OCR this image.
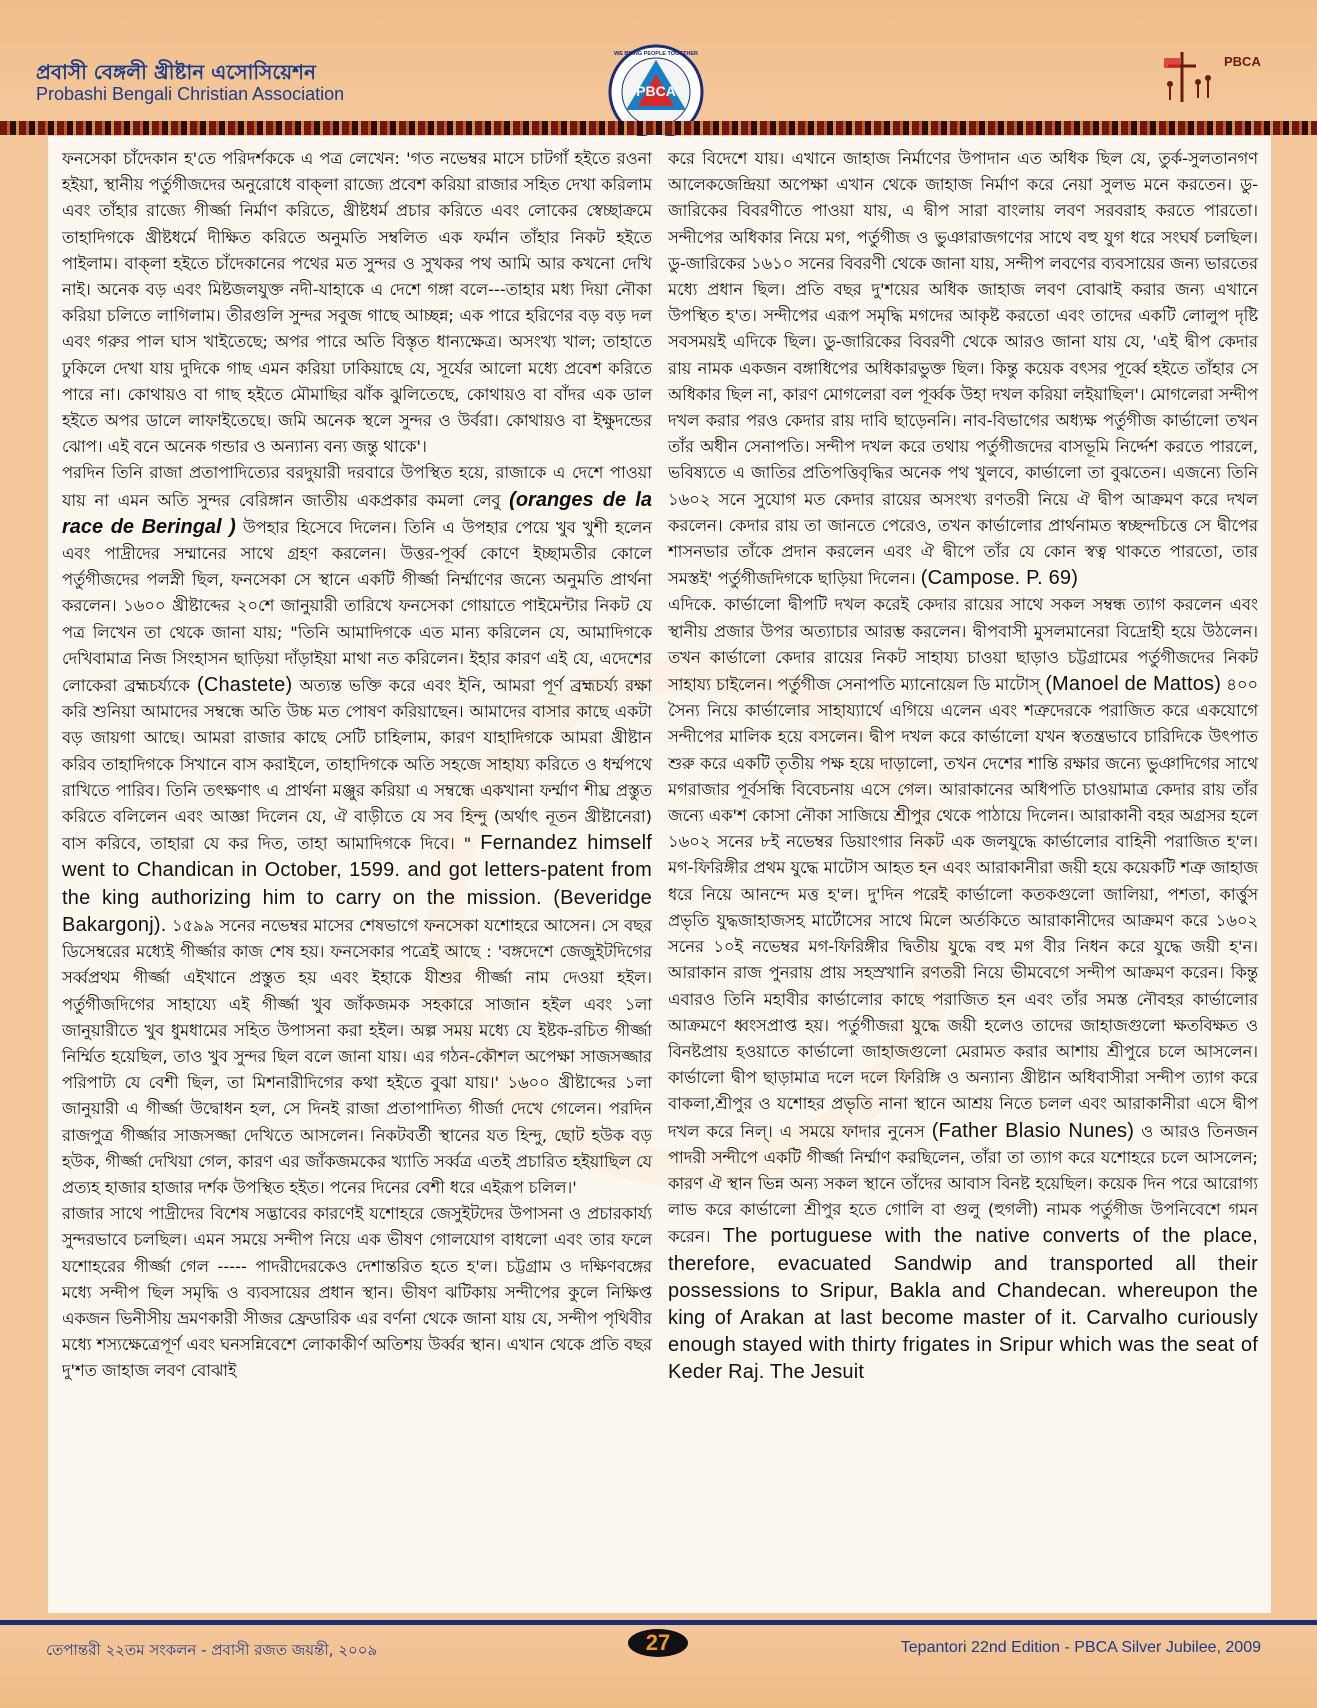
প্রবাসী বেঙ্গলী খ্রীষ্টান এসোসিয়েশন
Probashi Bengali Christian Association	PBCA
WE BRING PEOPLE TOGETHER	PBCA

ফনসেকা চাঁদেকান হ'তে পরিদর্শককে এ পত্র লেখেন: 'গত নভেম্বর মাসে চাটগাঁ হইতে রওনা হইয়া, স্থানীয় পর্তুগীজদের অনুরোধে বাক্‌লা রাজ্যে প্রবেশ করিয়া রাজার সহিত দেখা করিলাম এবং তাঁহার রাজ্যে গীর্জ্জা নির্মাণ করিতে, খ্রীষ্টধর্ম প্রচার করিতে এবং লোকের স্বেচ্ছাক্রমে তাহাদিগকে খ্রীষ্টধর্মে দীক্ষিত করিতে অনুমতি সম্বলিত এক ফর্মান তাঁহার নিকট হইতে পাইলাম। বাক্‌লা হইতে চাঁদেকানের পথের মত সুন্দর ও সুখকর পথ আমি আর কখনো দেখি নাই। অনেক বড় এবং মিষ্টজলযুক্ত নদী-যাহাকে এ দেশে গঙ্গা বলে---তাহার মধ্য দিয়া নৌকা করিয়া চলিতে লাগিলাম। তীরগুলি সুন্দর সবুজ গাছে আচ্ছন্ন; এক পারে হরিণের বড় বড় দল এবং গরুর পাল ঘাস খাইতেছে; অপর পারে অতি বিস্তৃত ধান্যক্ষেত্র। অসংখ্য খাল; তাহাতে ঢুকিলে দেখা যায় দুদিকে গাছ এমন করিয়া ঢাকিয়াছে যে, সূর্যের আলো মধ্যে প্রবেশ করিতে পারে না। কোথায়ও বা গাছ হইতে মৌমাছির ঝাঁক ঝুলিতেছে, কোথায়ও বা বাঁদর এক ডাল হইতে অপর ডালে লাফাইতেছে। জমি অনেক স্থলে সুন্দর ও উর্বরা। কোথায়ও বা ইক্ষুদন্ডের ঝোপ। এই বনে অনেক গন্ডার ও অন্যান্য বন্য জন্তু থাকে'।

পরদিন তিনি রাজা প্রতাপাদিত্যের বরদুয়ারী দরবারে উপস্থিত হয়ে, রাজাকে এ দেশে পাওয়া যায় না এমন অতি সুন্দর বেরিঙ্গান জাতীয় একপ্রকার কমলা লেবু (oranges de la race de Beringal ) উপহার হিসেবে দিলেন। তিনি এ উপহার পেয়ে খুব খুশী হলেন এবং পাদ্রীদের সম্মানের সাথে গ্রহণ করলেন। উত্তর-পূর্ব্ব কোণে ইচ্ছামতীর কোলে পর্তুগীজদের পলস্নী ছিল, ফনসেকা সে স্থানে একটি গীর্জ্জা নির্ম্মাণের জন্যে অনুমতি প্রার্থনা করলেন। ১৬০০ খ্রীষ্টাব্দের ২০শে জানুয়ারী তারিখে ফনসেকা গোয়াতে পাইমেন্টার নিকট যে পত্র লিখেন তা থেকে জানা যায়; "তিনি আমাদিগকে এত মান্য করিলেন যে, আমাদিগকে দেখিবামাত্র নিজ সিংহাসন ছাড়িয়া দাঁড়াইয়া মাথা নত করিলেন। ইহার কারণ এই যে, এদেশের লোকেরা ব্রহ্মচর্য্যকে (Chastete) অত্যন্ত ভক্তি করে এবং ইনি, আমরা পূর্ণ ব্রহ্মচর্য্য রক্ষা করি শুনিয়া আমাদের সম্বন্ধে অতি উচ্চ মত পোষণ করিয়াছেন। আমাদের বাসার কাছে একটা বড় জায়গা আছে। আমরা রাজার কাছে সেটি চাহিলাম, কারণ যাহাদিগকে আমরা খ্রীষ্টান করিব তাহাদিগকে সিখানে বাস করাইলে, তাহাদিগকে অতি সহজে সাহায্য করিতে ও ধর্ম্মপথে রাখিতে পারিব। তিনি তৎক্ষণাৎ এ প্রার্থনা মঞ্জুর করিয়া এ সম্বন্ধে একখানা ফর্ম্মাণ শীঘ্র প্রস্তুত করিতে বলিলেন এবং আজ্ঞা দিলেন যে, ঐ বাড়ীতে যে সব হিন্দু (অর্থাৎ নূতন খ্রীষ্টানেরা) বাস করিবে, তাহারা যে কর দিত, তাহা আমাদিগকে দিবে। " Fernandez himself went to Chandican in October, 1599. and got letters-patent from the king authorizing him to carry on the mission. (Beveridge Bakargonj). ১৫৯৯ সনের নভেম্বর মাসের শেষভাগে ফনসেকা যশোহরে আসেন। সে বছর ডিসেম্বরের মধ্যেই গীর্জ্জার কাজ শেষ হয়। ফনসেকার পত্রেই আছে : 'বঙ্গদেশে জেজুইটদিগের সর্ব্বপ্রথম গীর্জ্জা এইখানে প্রস্তুত হয় এবং ইহাকে যীশুর গীর্জ্জা নাম দেওয়া হইল। পর্তুগীজদিগের সাহায্যে এই গীর্জ্জা খুব জাঁকজমক সহকারে সাজান হইল এবং ১লা জানুয়ারীতে খুব ধুমধামের সহিত উপাসনা করা হইল। অল্প সময় মধ্যে যে ইষ্টক-রচিত গীর্জ্জা নির্ম্মিত হয়েছিল, তাও খুব সুন্দর ছিল বলে জানা যায়। এর গঠন-কৌশল অপেক্ষা সাজসজ্জার পরিপাট্য যে বেশী ছিল, তা মিশনারীদিগের কথা হইতে বুঝা যায়।' ১৬০০ খ্রীষ্টাব্দের ১লা জানুয়ারী এ গীর্জ্জা উদ্বোধন হল, সে দিনই রাজা প্রতাপাদিত্য গীর্জা দেখে গেলেন। পরদিন রাজপুত্র গীর্জ্জার সাজসজ্জা দেখিতে আসলেন। নিকটবর্তী স্থানের যত হিন্দু, ছোট হউক বড় হউক, গীর্জ্জা দেখিয়া গেল, কারণ এর জাঁকজমকের খ্যাতি সর্ব্বত্র এতই প্রচারিত হইয়াছিল যে প্রত্যহ হাজার হাজার দর্শক উপস্থিত হইত। পনের দিনের বেশী ধরে এইরূপ চলিল।'

রাজার সাথে পাদ্রীদের বিশেষ সদ্ভাবের কারণেই যশোহরে জেসুইটদের উপাসনা ও প্রচারকার্য্য সুন্দরভাবে চলছিল। এমন সময়ে সন্দীপ নিয়ে এক ভীষণ গোলযোগ বাধলো এবং তার ফলে যশোহরের গীর্জ্জা গেল ----- পাদরীদেরকেও দেশান্তরিত হতে হ'ল। চট্টগ্রাম ও দক্ষিণবঙ্গের মধ্যে সন্দীপ ছিল সমৃদ্ধি ও ব্যবসায়ের প্রধান স্থান। ভীষণ ঝটিকায় সন্দীপের কুলে নিক্ষিপ্ত একজন ভিনীসীয় ভ্রমণকারী সীজর ফ্রেডারিক এর বর্ণনা থেকে জানা যায় যে, সন্দীপ পৃথিবীর মধ্যে শস্যক্ষেত্রেপূর্ণ এবং ঘনসন্নিবেশে লোকাকীর্ণ অতিশয় উর্ব্বর স্থান। এখান থেকে প্রতি বছর দু'শত জাহাজ লবণ বোঝাই

করে বিদেশে যায়। এখানে জাহাজ নির্মাণের উপাদান এত অধিক ছিল যে, তুর্ক-সুলতানগণ আলেকজেন্দ্রিয়া অপেক্ষা এখান থেকে জাহাজ নির্মাণ করে নেয়া সুলভ মনে করতেন। ডু- জারিকের বিবরণীতে পাওয়া যায়, এ দ্বীপ সারা বাংলায় লবণ সরবরাহ করতে পারতো। সন্দীপের অধিকার নিয়ে মগ, পর্তুগীজ ও ভুঞারাজগণের সাথে বহু যুগ ধরে সংঘর্ষ চলছিল। ডু-জারিকের ১৬১০ সনের বিবরণী থেকে জানা যায়, সন্দীপ লবণের ব্যবসায়ের জন্য ভারতের মধ্যে প্রধান ছিল। প্রতি বছর দু'শয়ের অধিক জাহাজ লবণ বোঝাই করার জন্য এখানে উপস্থিত হ'ত। সন্দীপের এরূপ সমৃদ্ধি মগদের আকৃষ্ট করতো এবং তাদের একটি লোলুপ দৃষ্টি সবসময়ই এদিকে ছিল। ডু-জারিকের বিবরণী থেকে আরও জানা যায় যে, 'এই দ্বীপ কেদার রায় নামক একজন বঙ্গাধিপের অধিকারভুক্ত ছিল। কিন্তু কয়েক বৎসর পূর্ব্বে হইতে তাঁহার সে অধিকার ছিল না, কারণ মোগলেরা বল পূর্ব্বক উহা দখল করিয়া লইয়াছিল'। মোগলেরা সন্দীপ দখল করার পরও কেদার রায় দাবি ছাড়েননি। নাব-বিভাগের অধ্যক্ষ পর্তুগীজ কার্ভালো তখন তাঁর অধীন সেনাপতি। সন্দীপ দখল করে তথায় পর্তুগীজদের বাসভূমি নির্দ্দেশ করতে পারলে, ভবিষ্যতে এ জাতির প্রতিপত্তিবৃদ্ধির অনেক পথ খুলবে, কার্ভালো তা বুঝতেন। এজন্যে তিনি ১৬০২ সনে সুযোগ মত কেদার রায়ের অসংখ্য রণতরী নিয়ে ঐ দ্বীপ আক্রমণ করে দখল করলেন। কেদার রায় তা জানতে পেরেও, তখন কার্ভালোর প্রার্থনামত স্বচ্ছন্দচিত্তে সে দ্বীপের শাসনভার তাঁকে প্রদান করলেন এবং ঐ দ্বীপে তাঁর যে কোন স্বত্ব থাকতে পারতো, তার সমস্তই' পর্তুগীজদিগকে ছাড়িয়া দিলেন। (Campose. P. 69)

এদিকে. কার্ভালো দ্বীপটি দখল করেই কেদার রায়ের সাথে সকল সম্বন্ধ ত্যাগ করলেন এবং স্থানীয় প্রজার উপর অত্যাচার আরম্ভ করলেন। দ্বীপবাসী মুসলমানেরা বিদ্রোহী হয়ে উঠলেন। তখন কার্ভালো কেদার রায়ের নিকট সাহায্য চাওয়া ছাড়াও চট্টগ্রামের পর্তুগীজদের নিকট সাহায্য চাইলেন। পর্তুগীজ সেনাপতি ম্যানোয়েল ডি মাটোস্ (Manoel de Mattos) ৪০০ সৈন্য নিয়ে কার্ভালোর সাহায্যার্থে এগিয়ে এলেন এবং শত্রুদেরকে পরাজিত করে একযোগে সন্দীপের মালিক হয়ে বসলেন। দ্বীপ দখল করে কার্ভালো যখন স্বতন্ত্রভাবে চারিদিকে উৎপাত শুরু করে একটি তৃতীয় পক্ষ হয়ে দাড়ালো, তখন দেশের শান্তি রক্ষার জন্যে ভুঞাদিগের সাথে মগরাজার পূর্বসন্ধি বিবেচনায় এসে গেল। আরাকানের অধিপতি চাওয়ামাত্র কেদার রায় তাঁর জন্যে এক'শ কোসা নৌকা সাজিয়ে শ্রীপুর থেকে পাঠায়ে দিলেন। আরাকানী বহর অগ্রসর হলে ১৬০২ সনের ৮ই নভেম্বর ডিয়াংগার নিকট এক জলযুদ্ধে কার্ভালোর বাহিনী পরাজিত হ'ল। মগ-ফিরিঙ্গীর প্রথম যুদ্ধে মাটোস আহত হন এবং আরাকানীরা জয়ী হয়ে কয়েকটি শত্রু জাহাজ ধরে নিয়ে আনন্দে মত্ত হ'ল। দু'দিন পরেই কার্ভালো কতকগুলো জালিয়া, পশতা, কার্ত্তুস প্রভৃতি যুদ্ধজাহাজসহ মার্টোসের সাথে মিলে অর্তকিতে আরাকানীদের আক্রমণ করে ১৬০২ সনের ১০ই নভেম্বর মগ-ফিরিঙ্গীর দ্বিতীয় যুদ্ধে বহু মগ বীর নিধন করে যুদ্ধে জয়ী হ'ন। আরাকান রাজ পুনরায় প্রায় সহস্রখানি রণতরী নিয়ে ভীমবেগে সন্দীপ আক্রমণ করেন। কিন্তু এবারও তিনি মহাবীর কার্ভালোর কাছে পরাজিত হন এবং তাঁর সমস্ত নৌবহর কার্ভালোর আক্রমণে ধ্বংসপ্রাপ্ত হয়। পর্তুগীজরা যুদ্ধে জয়ী হলেও তাদের জাহাজগুলো ক্ষতবিক্ষত ও বিনষ্টপ্রায় হওয়াতে কার্ভালো জাহাজগুলো মেরামত করার আশায় শ্রীপুরে চলে আসলেন। কার্ভালো দ্বীপ ছাড়ামাত্র দলে দলে ফিরিঙ্গি ও অন্যান্য খ্রীষ্টান অধিবাসীরা সন্দীপ ত্যাগ করে বাকলা,শ্রীপুর ও যশোহর প্রভৃতি নানা স্থানে আশ্রয় নিতে চলল এবং আরাকানীরা এসে দ্বীপ দখল করে নিল্। এ সময়ে ফাদার নুনেস (Father Blasio Nunes) ও আরও তিনজন পাদরী সন্দীপে একটি গীর্জ্জা নির্ম্মাণ করছিলেন, তাঁরা তা ত্যাগ করে যশোহরে চলে আসলেন; কারণ ঐ স্থান ভিন্ন অন্য সকল স্থানে তাঁদের আবাস বিনষ্ট হয়েছিল। কয়েক দিন পরে আরোগ্য লাভ করে কার্ভালো শ্রীপুর হতে গোলি বা গুলু (হুগলী) নামক পর্তুগীজ উপনিবেশে গমন করেন। The portuguese with the native converts of the place, therefore, evacuated Sandwip and transported all their possessions to Sripur, Bakla and Chandecan. whereupon the king of Arakan at last become master of it. Carvalho curiously enough stayed with thirty frigates in Sripur which was the seat of Keder Raj. The Jesuit

তেপান্তরী ২২তম সংকলন - প্রবাসী রজত জয়ন্তী, ২০০৯	27	Tepantori 22nd Edition - PBCA Silver Jubilee, 2009
